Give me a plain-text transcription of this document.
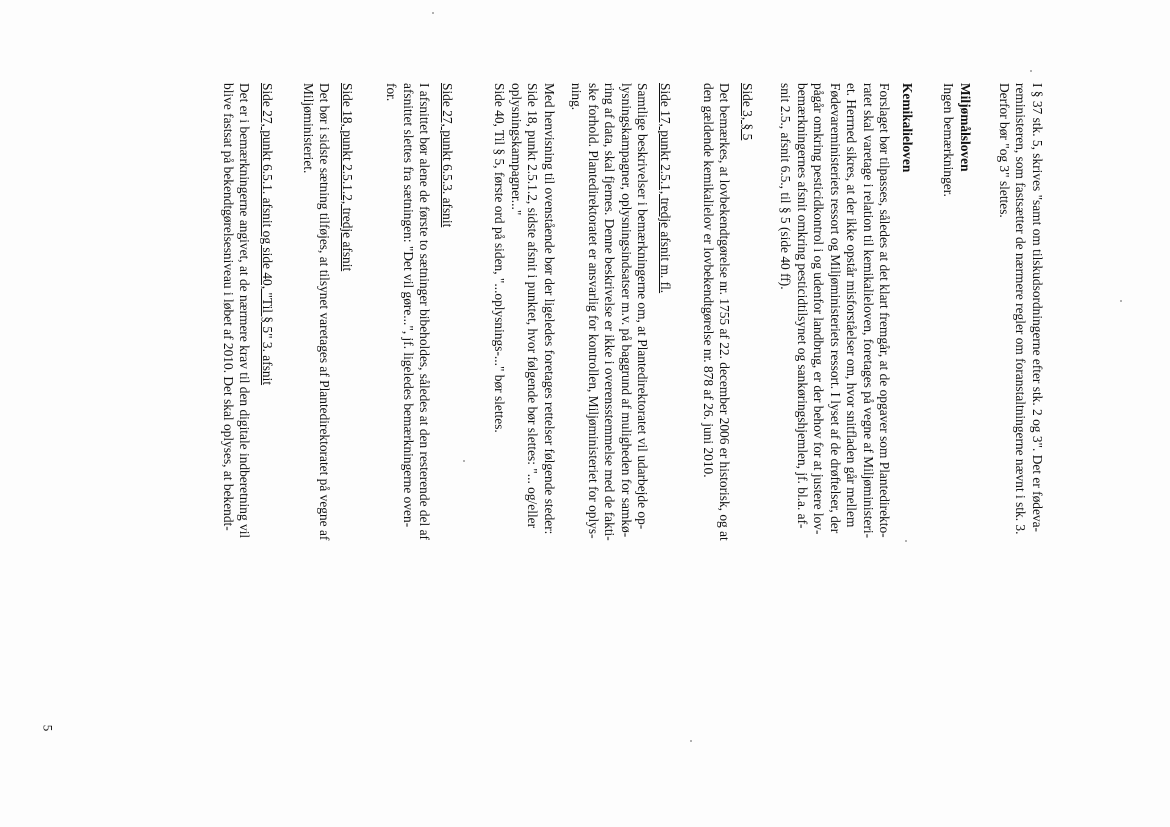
I § 37 stk. 5, skrives "samt om tilskudsordningerne efter stk. 2 og 3". Det er fødeva-

reministeren, som fastsætter de nærmere regler om foranstaltningerne nævnt i stk. 3.

Derfor bør "og 3" slettes.

Miljømålsloven

Ingen bemærkninger.

Kemikalieloven

Forslaget bør tilpasses, således at det klart fremgår, at de opgaver som Plantedirekto-

ratet skal varetage i relation til kemikalieloven, foretages på vegne af Miljøministeri-

et. Herrned sikres, at der ikke opstår misforståelser om, hvor snitfladen går mellem

Fødevareministeriets ressort og Miljøministeriets ressort. I lyset af de drøftelser, der

pågår omkring pesticidkontrol i og udenfor landbrug, er der behov for at justere lov-

bemærkningernes afsnit omkring pesticidtilsynet og sankøringshjemlen, jf. bl.a. af-

snit 2.5., afsnit 6.5., til § 5 (side 40 ff).

Side 3, § 5

Det bemærkes, at lovbekendtgørelse nr. 1755 af 22. december 2006 er historisk, og at

den gældende kemikalielov er lovbekendtgørelse nr. 878 af 26. juni 2010.

Side 17, punkt 2.5.1, tredje afsnit m. fl.

Samtlige beskrivelser i bemærkningerne om, at Plantedirektoratet vil udarbejde op-

lysningskampagner, oplysningsindsatser m.v. på baggrund af muligheden for samkø-

ring af data, skal fjernes. Denne beskrivelse er ikke i overensstemmelse med de fakti-

ske forhold. Plantedirektoratet er ansvarlig for kontrollen, Miljøministeriet for oplys-

ning.

Med henvisning til ovenstående bør der ligeledes foretages rettelser følgende steder:

Side 18, punkt 2.5.1.2, sidste afsnit i punktet, hvor følgende bør slettes: "... og/eller

oplysningskampagner..."

Side 40, Til § 5, første ord på siden, "...oplysnings-..." bør slettes.

Side 27, punkt 6.5.3. afsnit

I afsnittet bør alene de første to sætninger bibeholdes, således at den resterende del af

afsnittet slettes fra sætningen: "Det vil gøre...", jf. ligeledes bemærkningerne oven-

for.

Side 18, punkt 2.5.1.2, tredje afsnit

Det bør i sidste sætning tilføjes, at tilsynet varetages af Plantedirektoratet på vegne af

Miljøministeriet.

Side 27, punkt 6.5.1. afsnit og side 40, "Til § 5" 3. afsnit

Det er i bemærkningerne angivet, at de nærmere krav til den digitale indberetning vil

blive fastsat på bekendtgørelsesniveau i løbet af 2010. Det skal oplyses, at bekendt-

5
